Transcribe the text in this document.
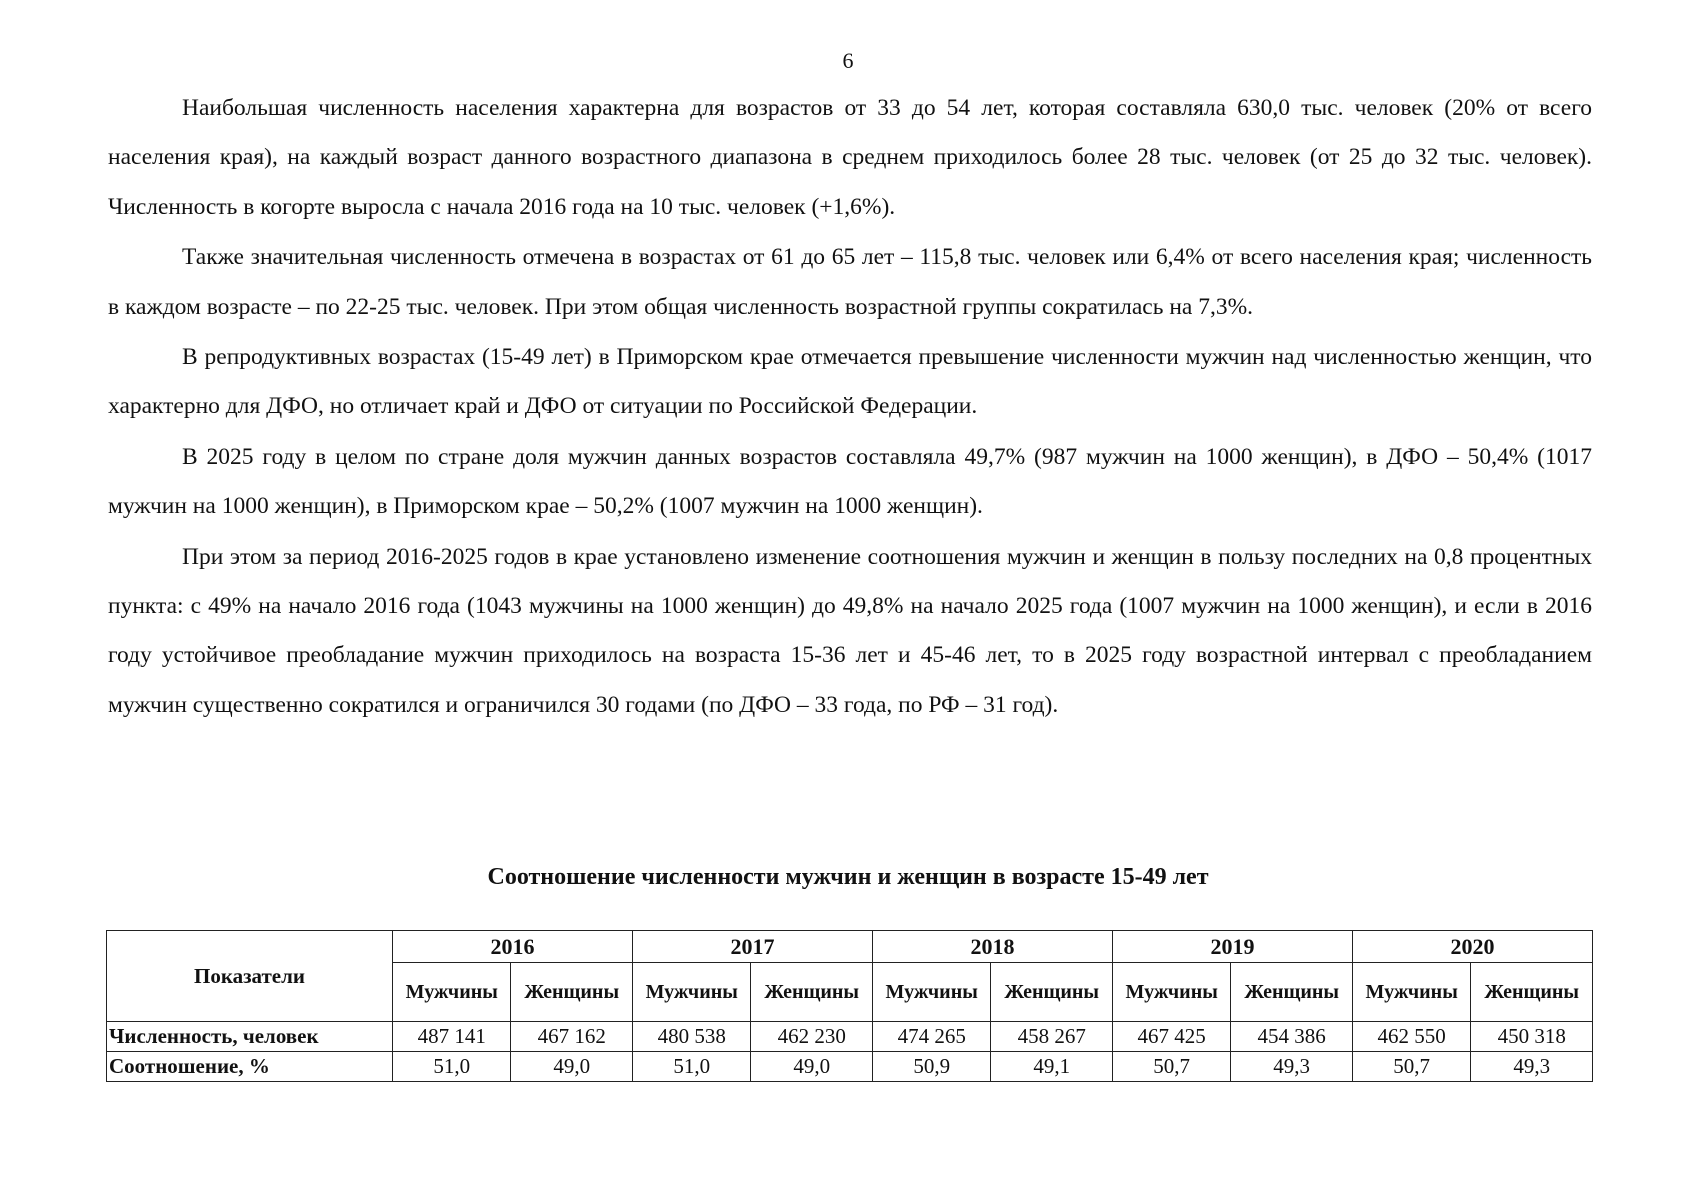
6

Наибольшая численность населения характерна для возрастов от 33 до 54 лет, которая составляла 630,0 тыс. человек (20% от всего населения края), на каждый возраст данного возрастного диапазона в среднем приходилось более 28 тыс. человек (от 25 до 32 тыс. человек). Численность в когорте выросла с начала 2016 года на 10 тыс. человек (+1,6%).

Также значительная численность отмечена в возрастах от 61 до 65 лет – 115,8 тыс. человек или 6,4% от всего населения края; численность в каждом возрасте – по 22-25 тыс. человек. При этом общая численность возрастной группы сократилась на 7,3%.

В репродуктивных возрастах (15-49 лет) в Приморском крае отмечается превышение численности мужчин над численностью женщин, что характерно для ДФО, но отличает край и ДФО от ситуации по Российской Федерации.

В 2025 году в целом по стране доля мужчин данных возрастов составляла 49,7% (987 мужчин на 1000 женщин), в ДФО – 50,4% (1017 мужчин на 1000 женщин), в Приморском крае – 50,2% (1007 мужчин на 1000 женщин).

При этом за период 2016-2025 годов в крае установлено изменение соотношения мужчин и женщин в пользу последних на 0,8 процентных пункта: с 49% на начало 2016 года (1043 мужчины на 1000 женщин) до 49,8% на начало 2025 года (1007 мужчин на 1000 женщин), и если в 2016 году устойчивое преобладание мужчин приходилось на возраста 15-36 лет и 45-46 лет, то в 2025 году возрастной интервал с преобладанием мужчин существенно сократился и ограничился 30 годами (по ДФО – 33 года, по РФ – 31 год).

Соотношение численности мужчин и женщин в возрасте 15-49 лет
Показатели	2016		2017		2018		2019		2020	
	Мужчины	Женщины	Мужчины	Женщины	Мужчины	Женщины	Мужчины	Женщины	Мужчины	Женщины
Численность, человек	487 141	467 162	480 538	462 230	474 265	458 267	467 425	454 386	462 550	450 318
Соотношение, %	51,0	49,0	51,0	49,0	50,9	49,1	50,7	49,3	50,7	49,3
